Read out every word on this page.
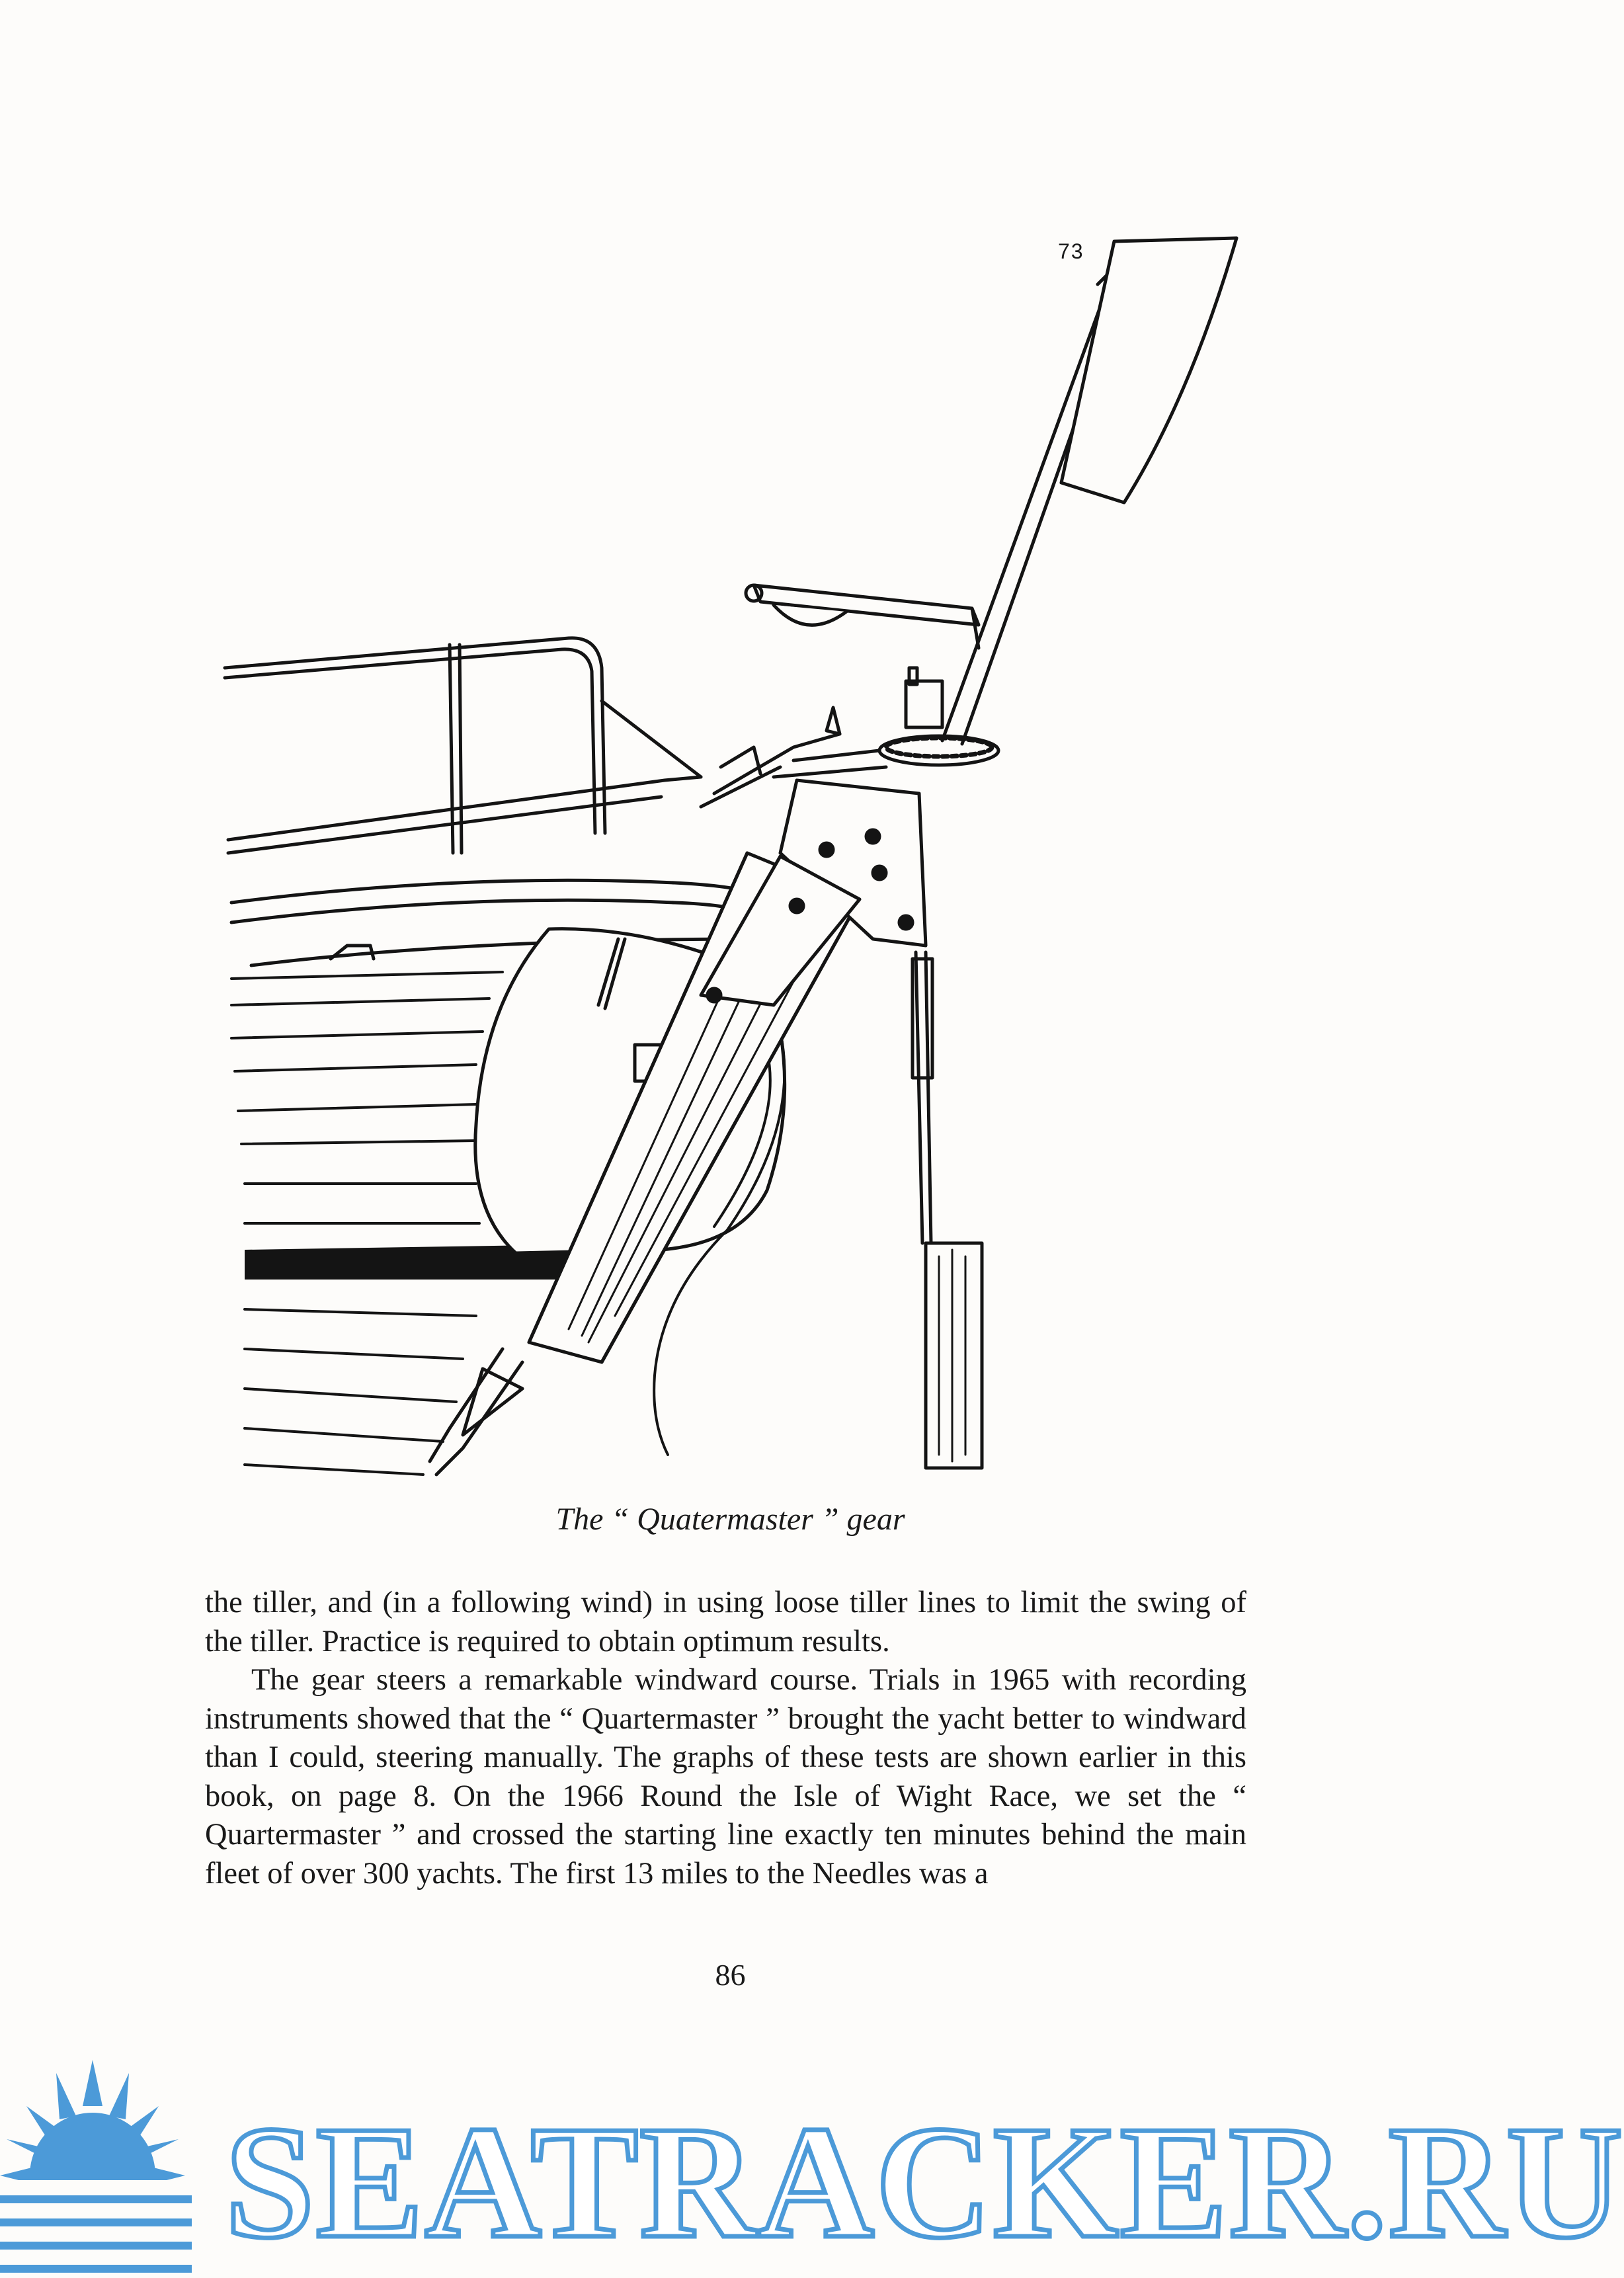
73
The “ Quatermaster ” gear

the tiller, and (in a following wind) in using loose tiller lines to limit the swing of the tiller. Practice is required to obtain optimum results.

The gear steers a remarkable windward course. Trials in 1965 with recording instruments showed that the “ Quartermaster ” brought the yacht better to windward than I could, steering manually. The graphs of these tests are shown earlier in this book, on page 8. On the 1966 Round the Isle of Wight Race, we set the “ Quartermaster ” and crossed the starting line exactly ten minutes behind the main fleet of over 300 yachts. The first 13 miles to the Needles was a

86
SEATRACKER.RU
